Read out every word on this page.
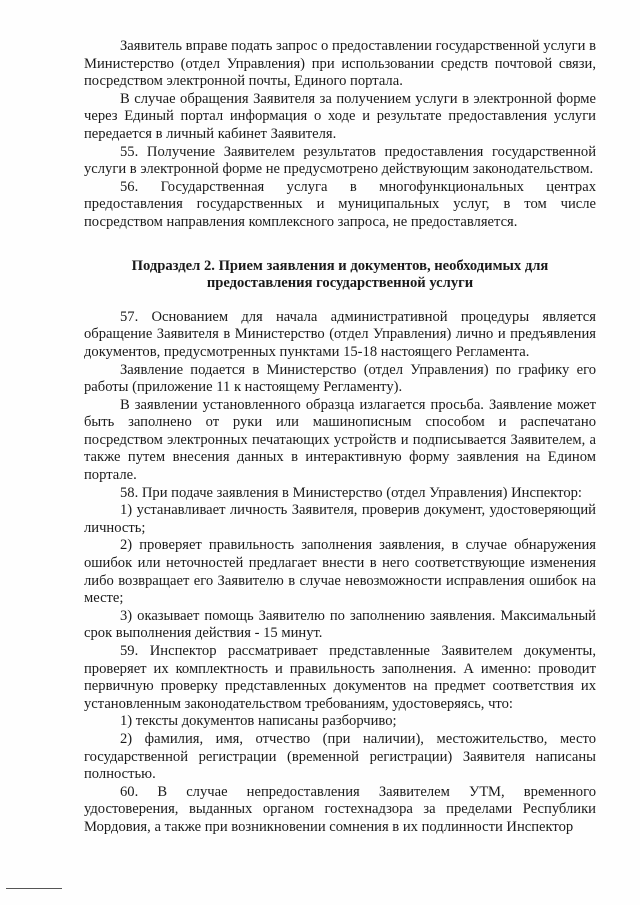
Заявитель вправе подать запрос о предоставлении государственной услуги в Министерство (отдел Управления) при использовании средств почтовой связи, посредством электронной почты, Единого портала.

В случае обращения Заявителя за получением услуги в электронной форме через Единый портал информация о ходе и результате предоставления услуги передается в личный кабинет Заявителя.

55. Получение Заявителем результатов предоставления государственной услуги в электронной форме не предусмотрено действующим законодательством.

56. Государственная услуга в многофункциональных центрах предоставления государственных и муниципальных услуг, в том числе посредством направления комплексного запроса, не предоставляется.

Подраздел 2. Прием заявления и документов, необходимых для
предоставления государственной услуги

57. Основанием для начала административной процедуры является обращение Заявителя в Министерство (отдел Управления) лично и предъявления документов, предусмотренных пунктами 15-18 настоящего Регламента.

Заявление подается в Министерство (отдел Управления) по графику его работы (приложение 11 к настоящему Регламенту).

В заявлении установленного образца излагается просьба. Заявление может быть заполнено от руки или машинописным способом и распечатано посредством электронных печатающих устройств и подписывается Заявителем, а также путем внесения данных в интерактивную форму заявления на Едином портале.

58. При подаче заявления в Министерство (отдел Управления) Инспектор:

1) устанавливает личность Заявителя, проверив документ, удостоверяющий личность;

2) проверяет правильность заполнения заявления, в случае обнаружения ошибок или неточностей предлагает внести в него соответствующие изменения либо возвращает его Заявителю в случае невозможности исправления ошибок на месте;

3) оказывает помощь Заявителю по заполнению заявления. Максимальный срок выполнения действия - 15 минут.

59. Инспектор рассматривает представленные Заявителем документы, проверяет их комплектность и правильность заполнения. А именно: проводит первичную проверку представленных документов на предмет соответствия их установленным законодательством требованиям, удостоверяясь, что:

1) тексты документов написаны разборчиво;

2) фамилия, имя, отчество (при наличии), местожительство, место государственной регистрации (временной регистрации) Заявителя написаны полностью.

60. В случае непредоставления Заявителем УТМ, временного удостоверения, выданных органом гостехнадзора за пределами Республики Мордовия, а также при возникновении сомнения в их подлинности Инспектор
